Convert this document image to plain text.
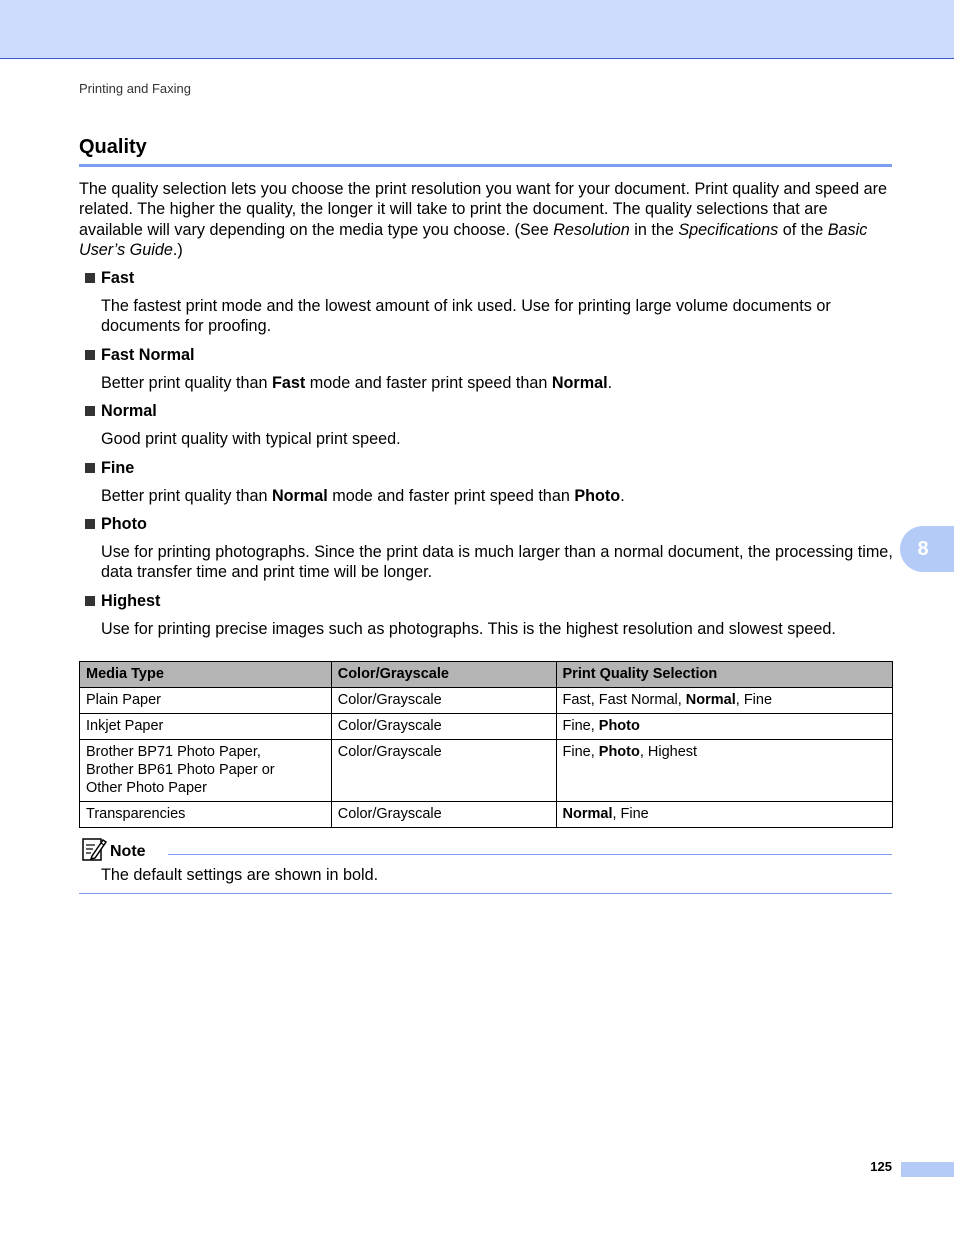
Printing and Faxing
Quality

The quality selection lets you choose the print resolution you want for your document. Print quality and speed are related. The higher the quality, the longer it will take to print the document. The quality selections that are available will vary depending on the media type you choose. (See Resolution in the Specifications of the Basic User’s Guide.)

Fast

The fastest print mode and the lowest amount of ink used. Use for printing large volume documents or documents for proofing.

Fast Normal

Better print quality than Fast mode and faster print speed than Normal.

Normal

Good print quality with typical print speed.

Fine

Better print quality than Normal mode and faster print speed than Photo.

Photo

Use for printing photographs. Since the print data is much larger than a normal document, the processing time, data transfer time and print time will be longer.

Highest

Use for printing precise images such as photographs. This is the highest resolution and slowest speed.

Media Type	Color/Grayscale	Print Quality Selection
Plain Paper	Color/Grayscale	Fast, Fast Normal, Normal, Fine
Inkjet Paper	Color/Grayscale	Fine, Photo

Brother BP71 Photo Paper,
Brother BP61 Photo Paper or
Other Photo Paper	Color/Grayscale	Fine, Photo, Highest
Transparencies	Color/Grayscale	Normal, Fine
Note
The default settings are shown in bold.
8
125
